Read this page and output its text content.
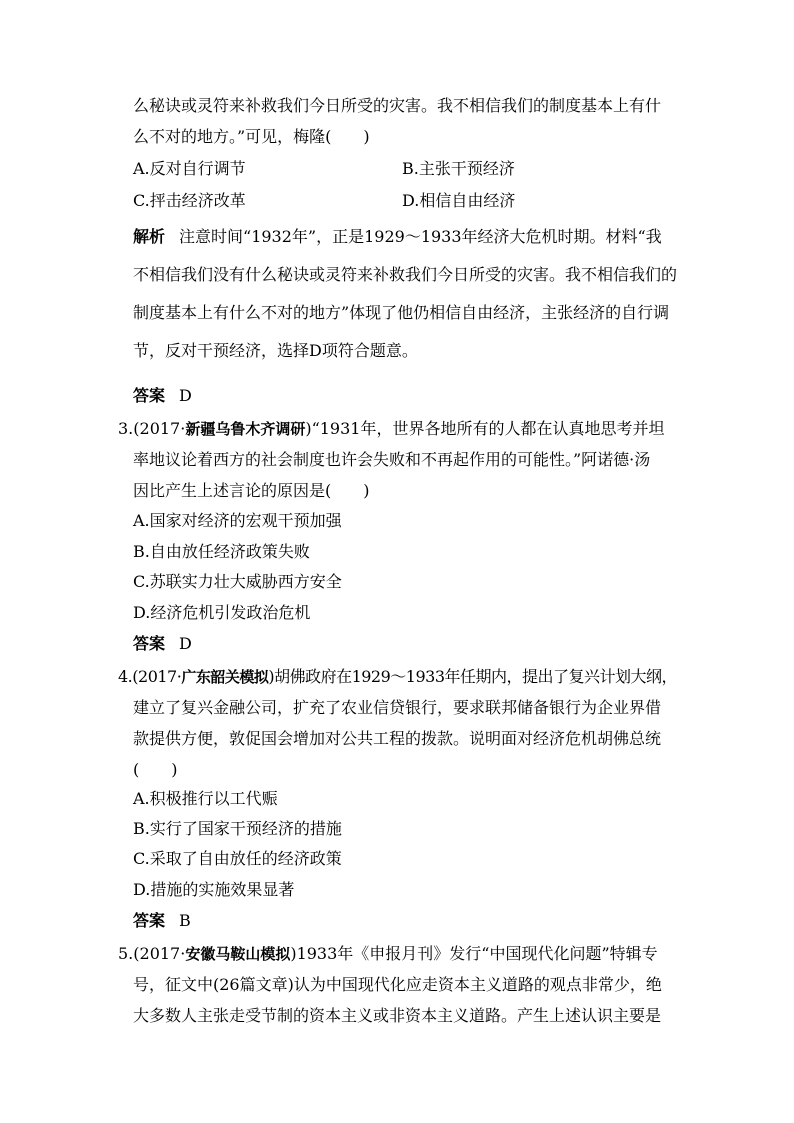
么秘诀或灵符来补救我们今日所受的灾害。我不相信我们的制度基本上有什
么不对的地方。”可见，梅隆(　　)
A.反对自行调节	B.主张干预经济
C.抨击经济改革	D.相信自由经济
解析 注意时间“1932年”，正是1929～1933年经济大危机时期。材料“我
不相信我们没有什么秘诀或灵符来补救我们今日所受的灾害。我不相信我们的
制度基本上有什么不对的地方”体现了他仍相信自由经济，主张经济的自行调
节，反对干预经济，选择D项符合题意。
答案 D
3.(2017·新疆乌鲁木齐调研)“1931年，世界各地所有的人都在认真地思考并坦
率地议论着西方的社会制度也许会失败和不再起作用的可能性。”阿诺德·汤
因比产生上述言论的原因是(　　)
A.国家对经济的宏观干预加强
B.自由放任经济政策失败
C.苏联实力壮大威胁西方安全
D.经济危机引发政治危机
答案 D
4.(2017·广东韶关模拟)胡佛政府在1929～1933年任期内，提出了复兴计划大纲，
建立了复兴金融公司，扩充了农业信贷银行，要求联邦储备银行为企业界借
款提供方便，敦促国会增加对公共工程的拨款。说明面对经济危机胡佛总统
(　　)
A.积极推行以工代赈
B.实行了国家干预经济的措施
C.采取了自由放任的经济政策
D.措施的实施效果显著
答案 B
5.(2017·安徽马鞍山模拟)1933年《申报月刊》发行“中国现代化问题”特辑专
号，征文中(26篇文章)认为中国现代化应走资本主义道路的观点非常少，绝
大多数人主张走受节制的资本主义或非资本主义道路。产生上述认识主要是
